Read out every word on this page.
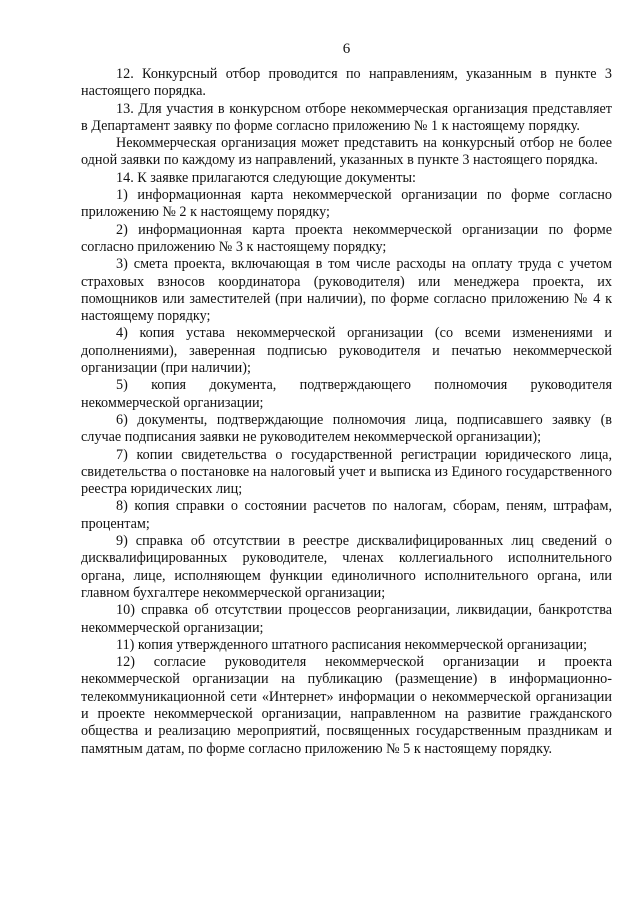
6

12. Конкурсный отбор проводится по направлениям, указанным в пункте 3 настоящего порядка.

13. Для участия в конкурсном отборе некоммерческая организация представляет в Департамент заявку по форме согласно приложению № 1 к настоящему порядку.

Некоммерческая организация может представить на конкурсный отбор не более одной заявки по каждому из направлений, указанных в пункте 3 настоящего порядка.

14. К заявке прилагаются следующие документы:

1) информационная карта некоммерческой организации по форме согласно приложению № 2 к настоящему порядку;

2) информационная карта проекта некоммерческой организации по форме согласно приложению № 3 к настоящему порядку;

3) смета проекта, включающая в том числе расходы на оплату труда с учетом страховых взносов координатора (руководителя) или менеджера проекта, их помощников или заместителей (при наличии), по форме согласно приложению № 4 к настоящему порядку;

4) копия устава некоммерческой организации (со всеми изменениями и дополнениями), заверенная подписью руководителя и печатью некоммерческой организации (при наличии);

5) копия документа, подтверждающего полномочия руководителя некоммерческой организации;

6) документы, подтверждающие полномочия лица, подписавшего заявку (в случае подписания заявки не руководителем некоммерческой организации);

7) копии свидетельства о государственной регистрации юридического лица, свидетельства о постановке на налоговый учет и выписка из Единого государственного реестра юридических лиц;

8) копия справки о состоянии расчетов по налогам, сборам, пеням, штрафам, процентам;

9) справка об отсутствии в реестре дисквалифицированных лиц сведений о дисквалифицированных руководителе, членах коллегиального исполнительного органа, лице, исполняющем функции единоличного исполнительного органа, или главном бухгалтере некоммерческой организации;

10) справка об отсутствии процессов реорганизации, ликвидации, банкротства некоммерческой организации;

11) копия утвержденного штатного расписания некоммерческой организации;

12) согласие руководителя некоммерческой организации и проекта некоммерческой организации на публикацию (размещение) в информационно-телекоммуникационной сети «Интернет» информации о некоммерческой организации и проекте некоммерческой организации, направленном на развитие гражданского общества и реализацию мероприятий, посвященных государственным праздникам и памятным датам, по форме согласно приложению № 5 к настоящему порядку.
